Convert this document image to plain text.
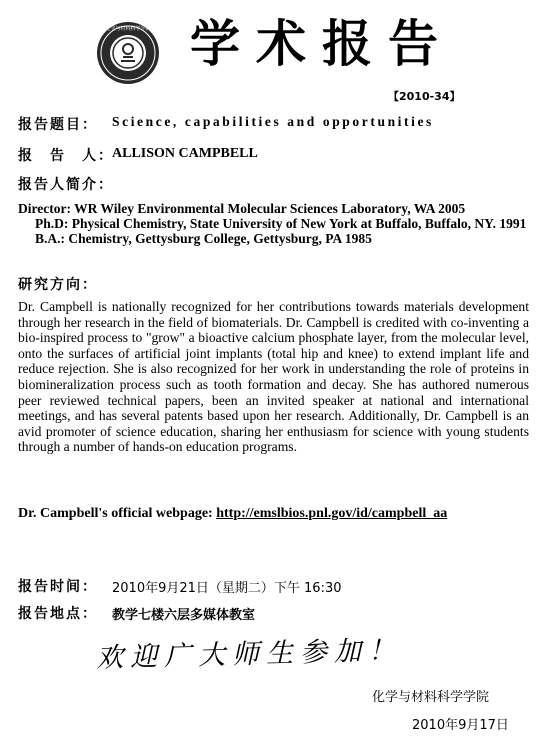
化学与材料科学学院 学术报告
【2010-34】
报告题目： Science, capabilities and opportunities
报　告　人：
ALLISON CAMPBELL
报告人简介：
Director: WR Wiley Environmental Molecular Sciences Laboratory, WA 2005
Ph.D: Physical Chemistry, State University of New York at Buffalo, Buffalo, NY. 1991
B.A.: Chemistry, Gettysburg College, Gettysburg, PA 1985
研究方向：
Dr. Campbell is nationally recognized for her contributions towards materials development through her research in the field of biomaterials. Dr. Campbell is credited with co-inventing a bio-inspired process to "grow" a bioactive calcium phosphate layer, from the molecular level, onto the surfaces of artificial joint implants (total hip and knee) to extend implant life and reduce rejection. She is also recognized for her work in understanding the role of proteins in biomineralization process such as tooth formation and decay. She has authored numerous peer reviewed technical papers, been an invited speaker at national and international meetings, and has several patents based upon her research. Additionally, Dr. Campbell is an avid promoter of science education, sharing her enthusiasm for science with young students through a number of hands-on education programs.
Dr. Campbell's official webpage: http://emslbios.pnl.gov/id/campbell_aa
报告时间： 2010年9月21日（星期二）下午 16:30
报告地点： 教学七楼六层多媒体教室
欢迎广大师生参加！
化学与材料科学学院
2010年9月17日
